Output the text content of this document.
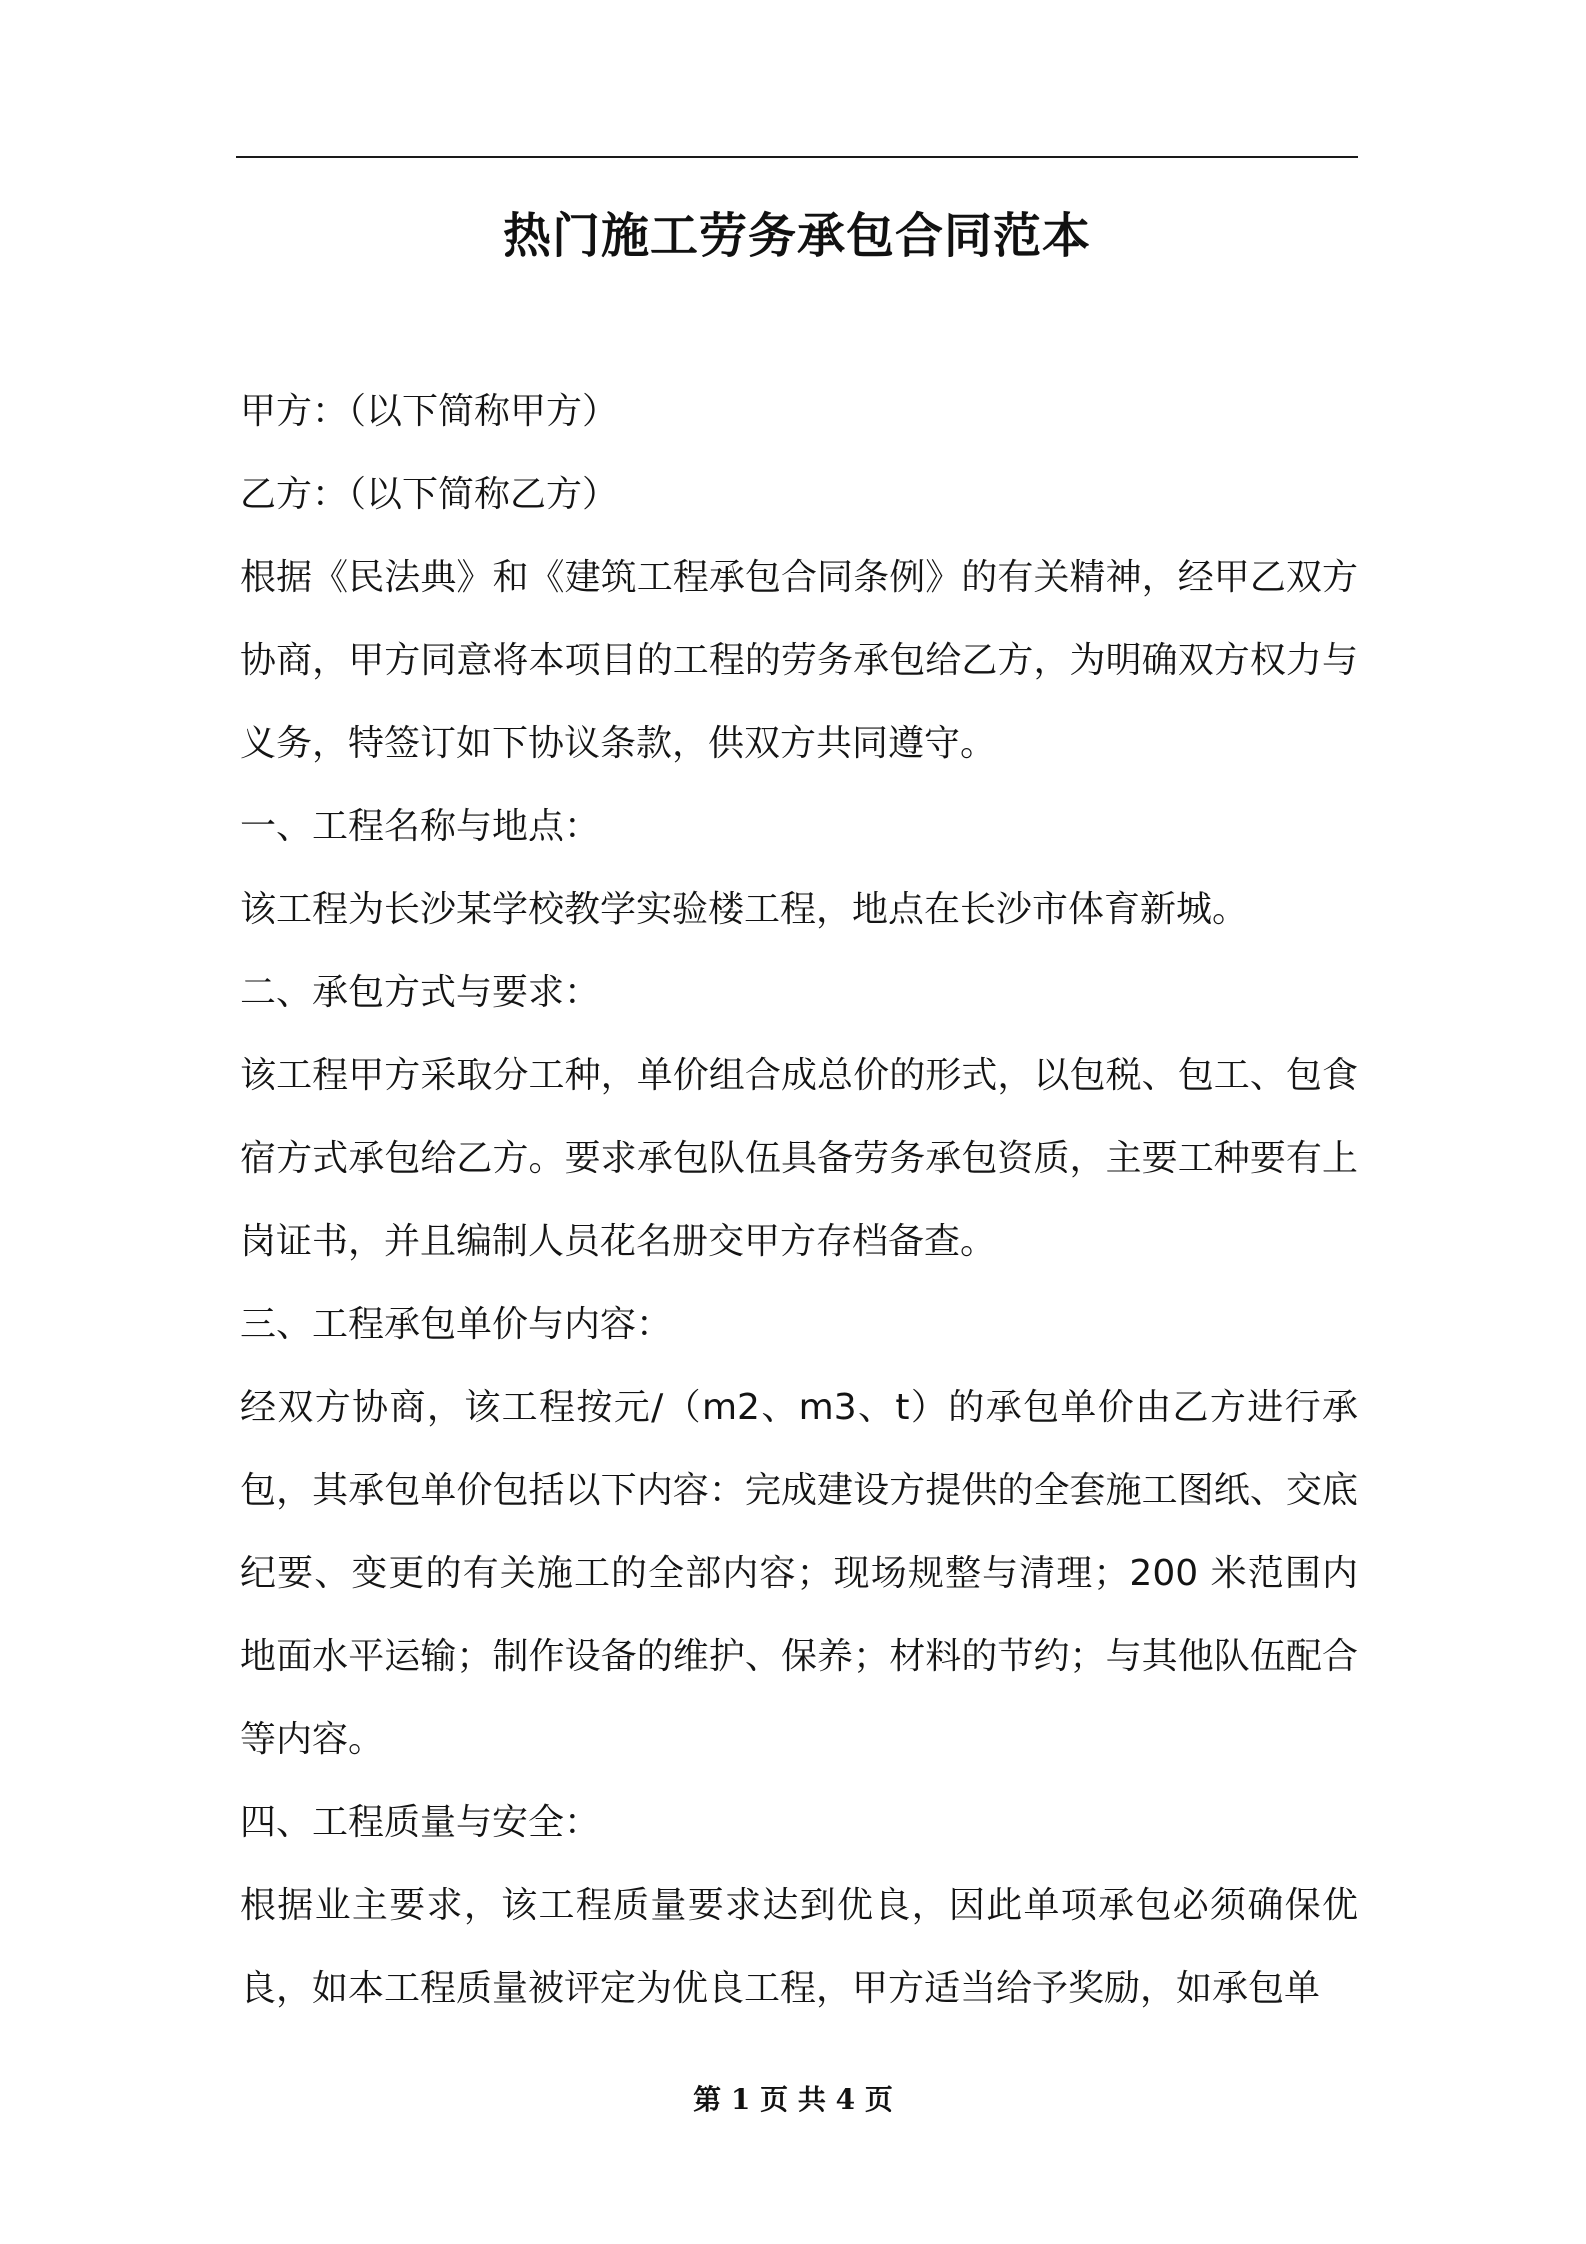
热门施工劳务承包合同范本

甲方：（以下简称甲方）

乙方：（以下简称乙方）

根据《民法典》和《建筑工程承包合同条例》的有关精神，经甲乙双方协商，甲方同意将本项目的工程的劳务承包给乙方，为明确双方权力与义务，特签订如下协议条款，供双方共同遵守。

一、工程名称与地点：

该工程为长沙某学校教学实验楼工程，地点在长沙市体育新城。

二、承包方式与要求：

该工程甲方采取分工种，单价组合成总价的形式，以包税、包工、包食宿方式承包给乙方。要求承包队伍具备劳务承包资质，主要工种要有上岗证书，并且编制人员花名册交甲方存档备查。

三、工程承包单价与内容：

经双方协商，该工程按元/（m2、m3、t）的承包单价由乙方进行承包，其承包单价包括以下内容：完成建设方提供的全套施工图纸、交底纪要、变更的有关施工的全部内容；现场规整与清理；200 米范围内地面水平运输；制作设备的维护、保养；材料的节约；与其他队伍配合等内容。

四、工程质量与安全：

根据业主要求，该工程质量要求达到优良，因此单项承包必须确保优良，如本工程质量被评定为优良工程，甲方适当给予奖励，如承包单

第 1 页 共 4 页
